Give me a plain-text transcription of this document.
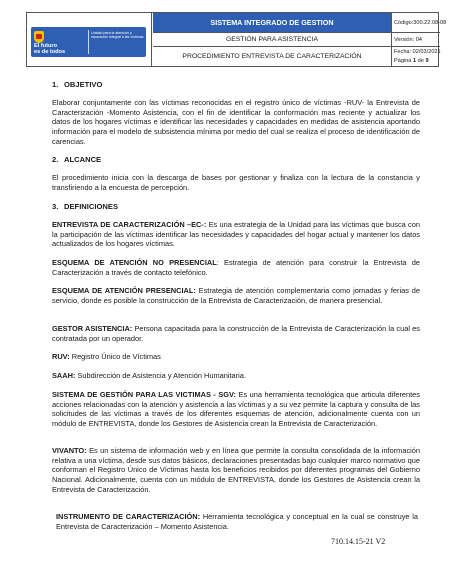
El futuro
es de todos
Unidad para la atención y reparación integral a las víctimas
SISTEMA INTEGRADO DE GESTION
GESTIÓN PARA ASISTENCIA
PROCEDIMIENTO ENTREVISTA DE CARACTERIZACIÓN
Código:300.22.08-08
Versión: 04
Fecha: 02/03/2021
Página 1 de 9
1. OBJETIVO
Elaborar conjuntamente con las víctimas reconocidas en el registro único de víctimas -RUV- la Entrevista de Caracterización -Momento Asistencia, con el fin de identificar la conformación mas reciente y actualizar los datos de los hogares víctimas e identificar las necesidades y capacidades en medidas de asistencia aportando información para el modelo de subsistencia mínima por medio del cual se realiza el proceso de identificación de carencias.
2. ALCANCE
El procedimiento inicia con la descarga de bases por gestionar y finaliza con la lectura de la constancia y transfiriendo a la encuesta de percepción.
3. DEFINICIONES
ENTREVISTA DE CARACTERIZACIÓN –EC-: Es una estrategia de la Unidad para las víctimas que busca con la participación de las víctimas identificar las necesidades y capacidades del hogar actual y mantener los datos actualizados de los hogares víctimas.
ESQUEMA DE ATENCIÓN NO PRESENCIAL: Estrategia de atención para construir la Entrevista de Caracterización a través de contacto telefónico.
ESQUEMA DE ATENCIÓN PRESENCIAL: Estrategia de atención complementaria como jornadas y ferias de servicio, donde es posible la construcción de la Entrevista de Caracterización, de manera presencial.
GESTOR ASISTENCIA: Persona capacitada para la construcción de la Entrevista de Caracterización la cual es contratada por un operador.
RUV: Registro Único de Víctimas
SAAH: Subdirección de Asistencia y Atención Humanitaria.
SISTEMA DE GESTIÓN PARA LAS VICTIMAS - SGV: Es una herramienta tecnológica que articula diferentes acciones relacionadas con la atención y asistencia a las víctimas y a su vez permite la captura y consulta de las solicitudes de las víctimas a través de los diferentes esquemas de atención, adicionalmente cuenta con un módulo de ENTREVISTA, donde los Gestores de Asistencia crean la Entrevista de Caracterización.
VIVANTO: Es un sistema de información web y en línea que permite la consulta consolidada de la información relativa a una víctima, desde sus datos básicos, declaraciones presentadas bajo cualquier marco normativo que conforman el Registro Único de Víctimas hasta los beneficios recibidos por diferentes programas del Gobierno Nacional. Adicionalmente, cuenta con un módulo de ENTREVISTA, donde los Gestores de Asistencia crean la Entrevista de Caracterización.
INSTRUMENTO DE CARACTERIZACIÓN: Herramienta tecnológica y conceptual en la cual se construye la Entrevista de Caracterización – Momento Asistencia.
710.14.15-21 V2
